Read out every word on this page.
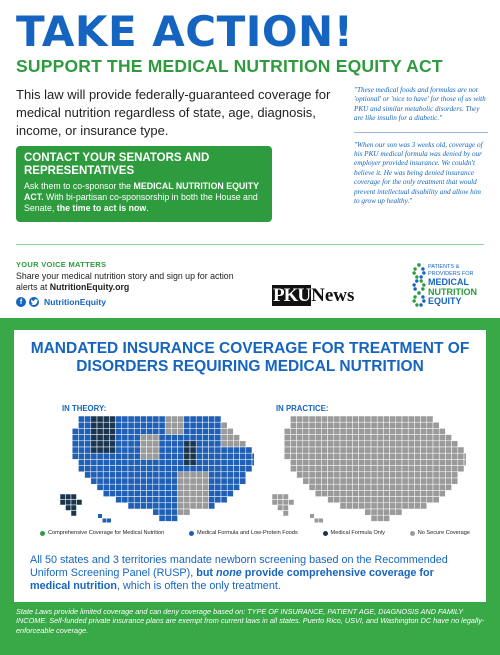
TAKE ACTION!
SUPPORT THE MEDICAL NUTRITION EQUITY ACT
This law will provide federally-guaranteed coverage for medical nutrition regardless of state, age, diagnosis, income, or insurance type.
"These medical foods and formulas are not 'optional' or 'nice to have' for those of us with PKU and similar metabolic disorders. They are like insulin for a diabetic."
"When our son was 3 weeks old, coverage of his PKU medical formula was denied by our employer provided insurance. We couldn't believe it. He was being denied insurance coverage for the only treatment that would prevent intellectual disability and allow him to grow up healthy."
CONTACT YOUR SENATORS AND REPRESENTATIVES
Ask them to co-sponsor the MEDICAL NUTRITION EQUITY ACT. With bi-partisan co-sponsorship in both the House and Senate, the time to act is now.
YOUR VOICE MATTERS
Share your medical nutrition story and sign up for action alerts at NutritionEquity.org
f	NutritionEquity	PKUNews
PATIENTS &
PROVIDERS FOR
MEDICAL
NUTRITION
EQUITY
MANDATED INSURANCE COVERAGE FOR TREATMENT OF DISORDERS REQUIRING MEDICAL NUTRITION
IN THEORY:	IN PRACTICE:
Comprehensive Coverage for Medical Nutrition	Medical Formula and Low-Protein Foods	Medical Formula Only	No Secure Coverage
All 50 states and 3 territories mandate newborn screening based on the Recommended Uniform Screening Panel (RUSP), but none provide comprehensive coverage for medical nutrition, which is often the only treatment.
State Laws provide limited coverage and can deny coverage based on: TYPE OF INSURANCE, PATIENT AGE, DIAGNOSIS AND FAMILY INCOME. Self-funded private insurance plans are exempt from current laws in all states. Puerto Rico, USVI, and Washington DC have no legally-enforceable coverage.
